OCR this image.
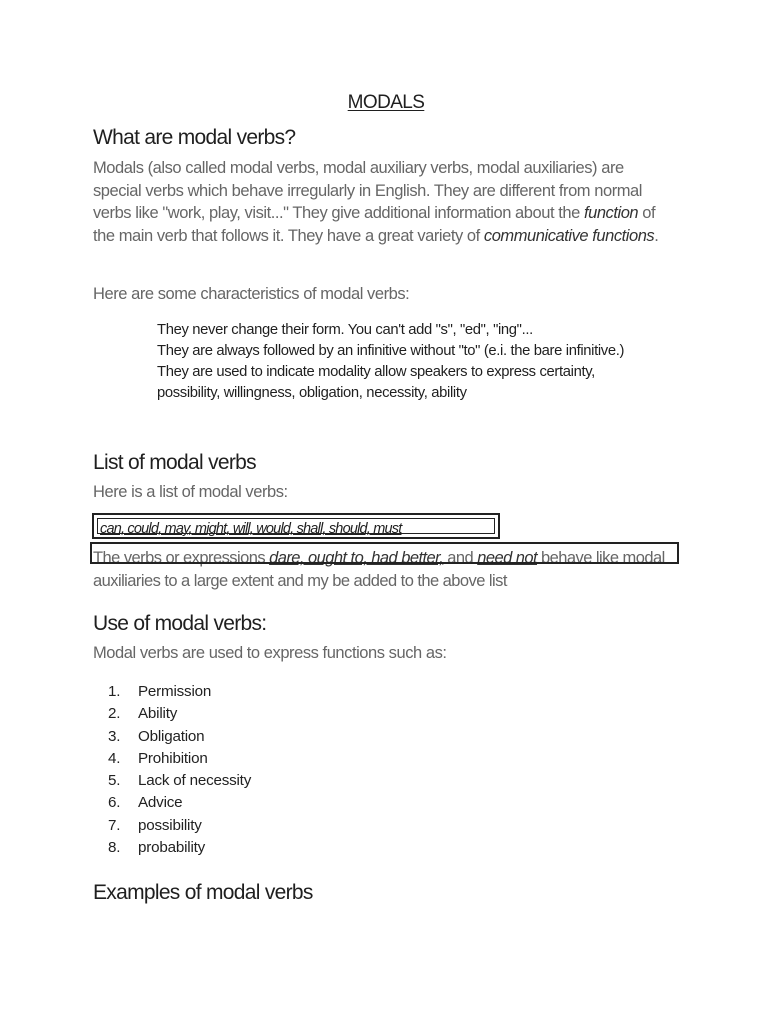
MODALS
What are modal verbs?
Modals (also called modal verbs, modal auxiliary verbs, modal auxiliaries) are special verbs which behave irregularly in English. They are different from normal verbs like "work, play, visit..." They give additional information about the function of the main verb that follows it. They have a great variety of communicative functions.
Here are some characteristics of modal verbs:
They never change their form. You can't add "s", "ed", "ing"...
They are always followed by an infinitive without "to" (e.i. the bare infinitive.)
They are used to indicate modality allow speakers to express certainty, possibility, willingness, obligation, necessity, ability
List of modal verbs
Here is a list of modal verbs:
can, could, may, might, will, would, shall, should, must
The verbs or expressions dare, ought to, had better, and need not behave like modal auxiliaries to a large extent and my be added to the above list
Use of modal verbs:
Modal verbs are used to express functions such as:
1.	Permission
2.	Ability
3.	Obligation
4.	Prohibition
5.	Lack of necessity
6.	Advice
7.	possibility
8.	probability
Examples of modal verbs
